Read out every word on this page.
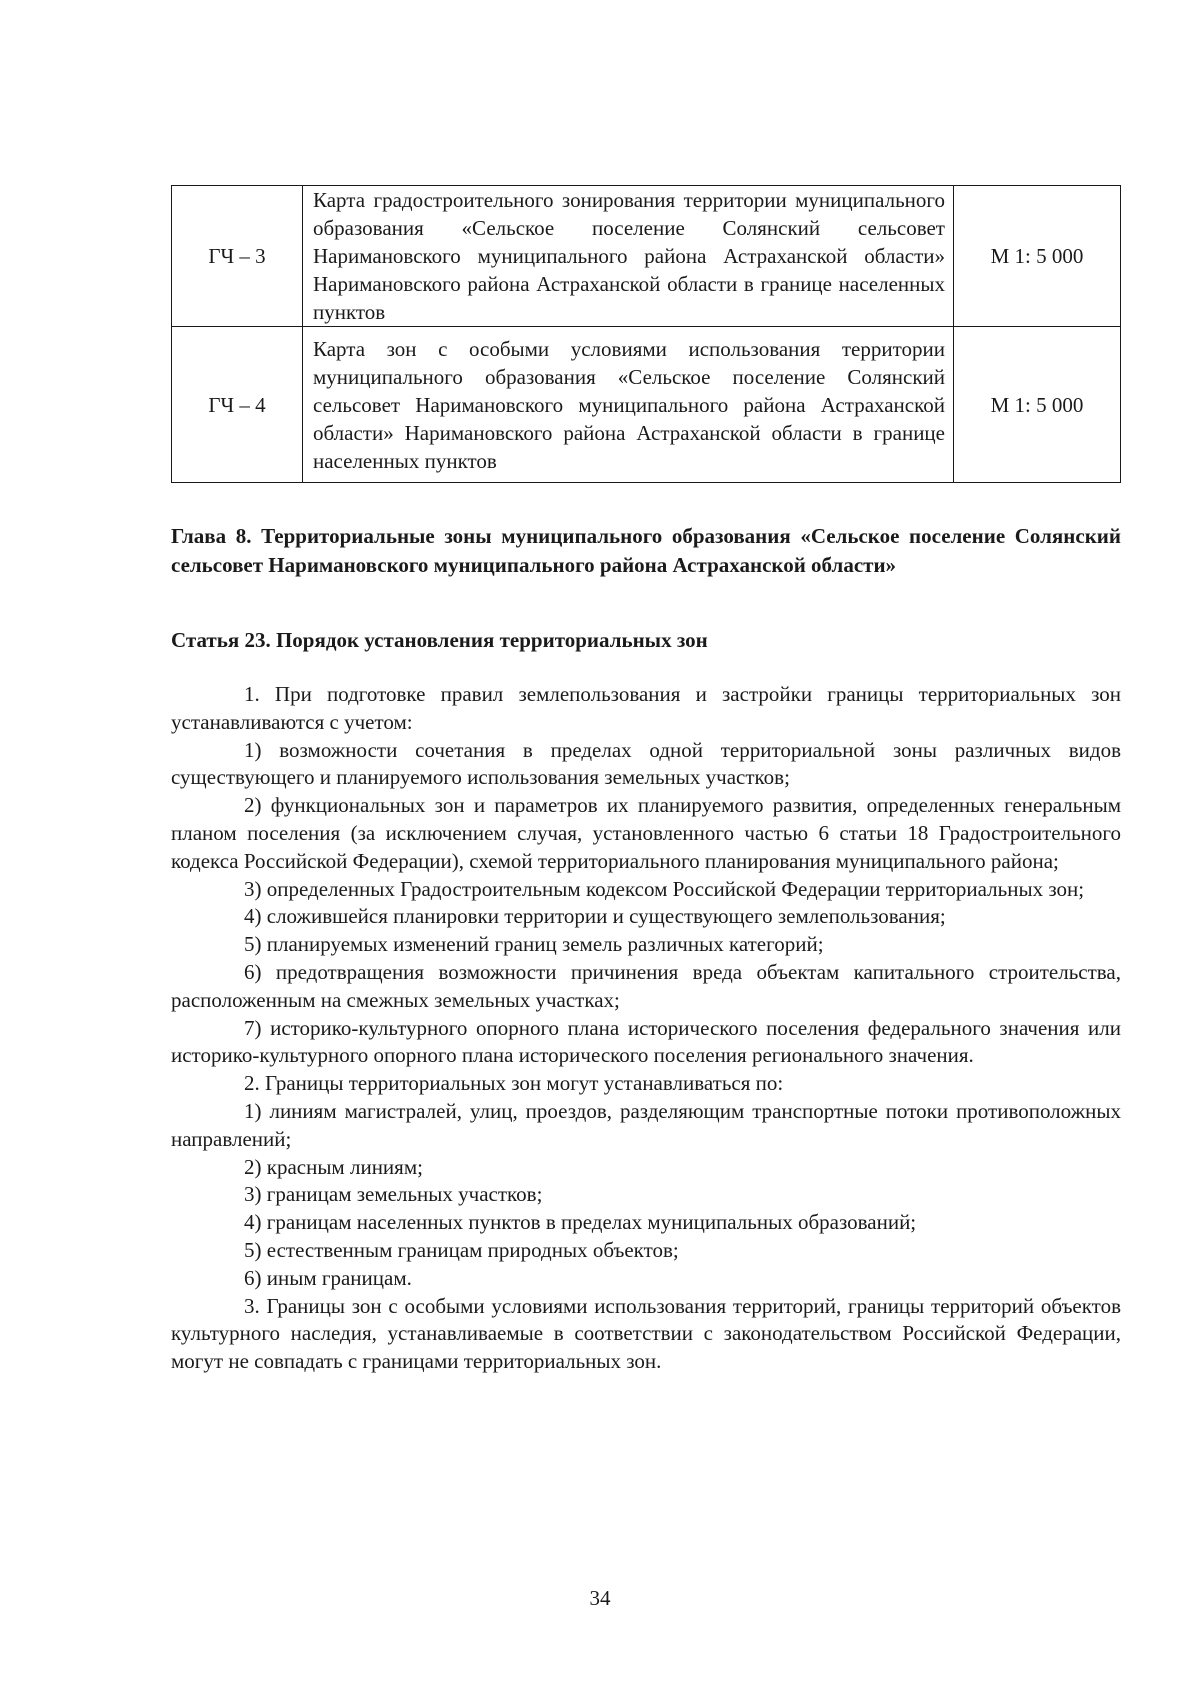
ГЧ – 3	Карта градостроительного зонирования территории муниципального образования «Сельское поселение Солянский сельсовет Наримановского муниципального района Астраханской области» Наримановского района Астраханской области в границе населенных пунктов	М 1: 5 000
ГЧ – 4	Карта зон с особыми условиями использования территории муниципального образования «Сельское поселение Солянский сельсовет Наримановского муниципального района Астраханской области» Наримановского района Астраханской области в границе населенных пунктов	М 1: 5 000
Глава 8. Территориальные зоны муниципального образования «Сельское поселение Солянский сельсовет Наримановского муниципального района Астраханской области»
Статья 23. Порядок установления территориальных зон

1. При подготовке правил землепользования и застройки границы территориальных зон устанавливаются с учетом:

1) возможности сочетания в пределах одной территориальной зоны различных видов существующего и планируемого использования земельных участков;

2) функциональных зон и параметров их планируемого развития, определенных генеральным планом поселения (за исключением случая, установленного частью 6 статьи 18 Градостроительного кодекса Российской Федерации), схемой территориального планирования муниципального района;

3) определенных Градостроительным кодексом Российской Федерации территориальных зон;

4) сложившейся планировки территории и существующего землепользования;

5) планируемых изменений границ земель различных категорий;

6) предотвращения возможности причинения вреда объектам капитального строительства, расположенным на смежных земельных участках;

7) историко-культурного опорного плана исторического поселения федерального значения или историко-культурного опорного плана исторического поселения регионального значения.

2. Границы территориальных зон могут устанавливаться по:

1) линиям магистралей, улиц, проездов, разделяющим транспортные потоки противоположных направлений;

2) красным линиям;

3) границам земельных участков;

4) границам населенных пунктов в пределах муниципальных образований;

5) естественным границам природных объектов;

6) иным границам.

3. Границы зон с особыми условиями использования территорий, границы территорий объектов культурного наследия, устанавливаемые в соответствии с законодательством Российской Федерации, могут не совпадать с границами территориальных зон.

34
